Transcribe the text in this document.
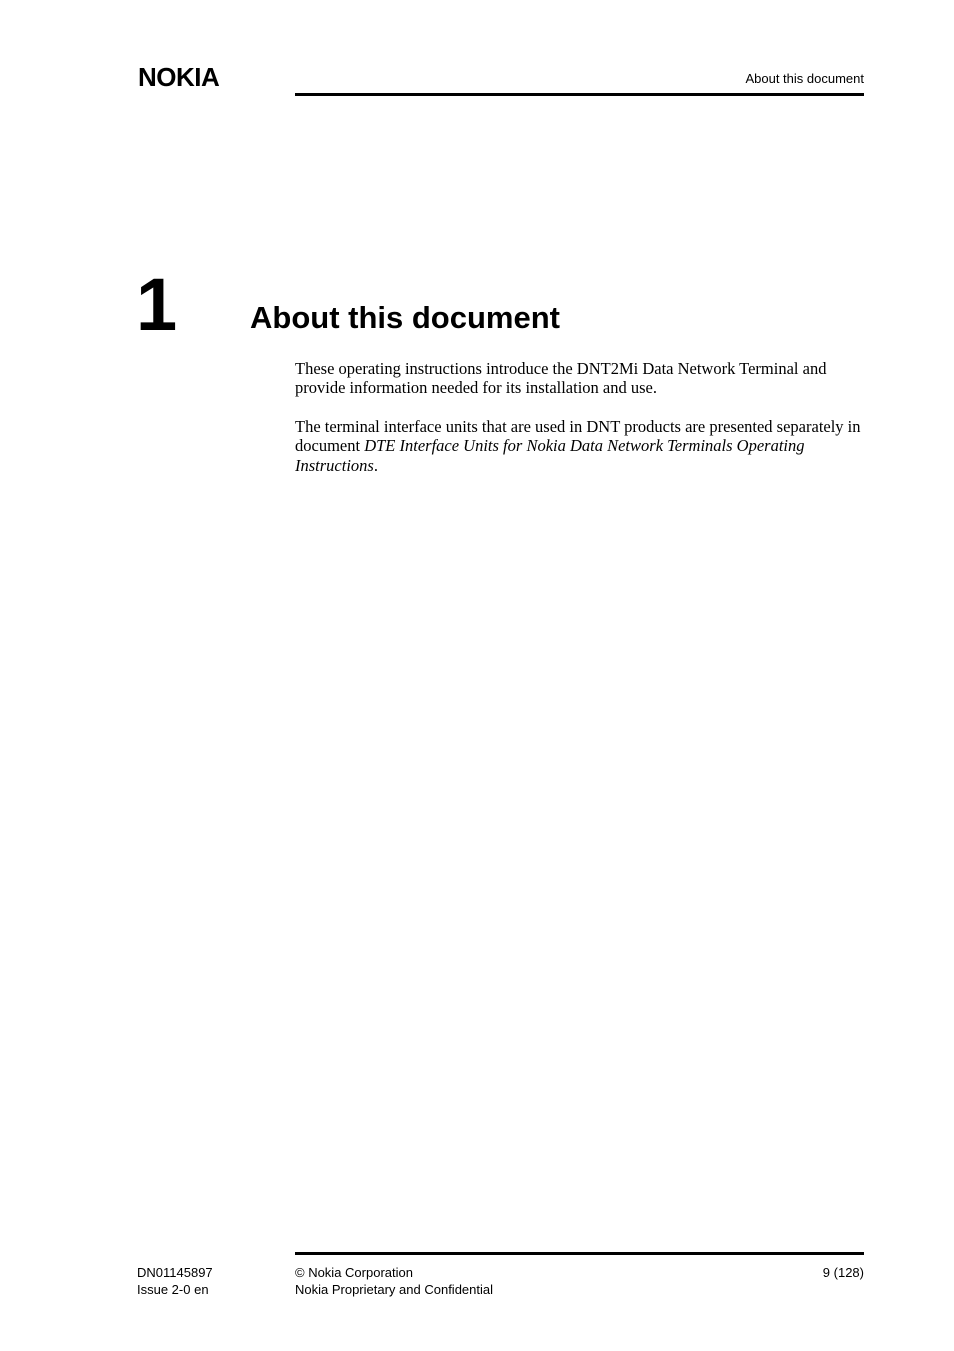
NOKIA	About this document
1 About this document

These operating instructions introduce the DNT2Mi Data Network Terminal and provide information needed for its installation and use.

The terminal interface units that are used in DNT products are presented separately in document DTE Interface Units for Nokia Data Network Terminals Operating Instructions.

DN01145897
Issue 2-0 en
© Nokia Corporation
Nokia Proprietary and Confidential
9 (128)
